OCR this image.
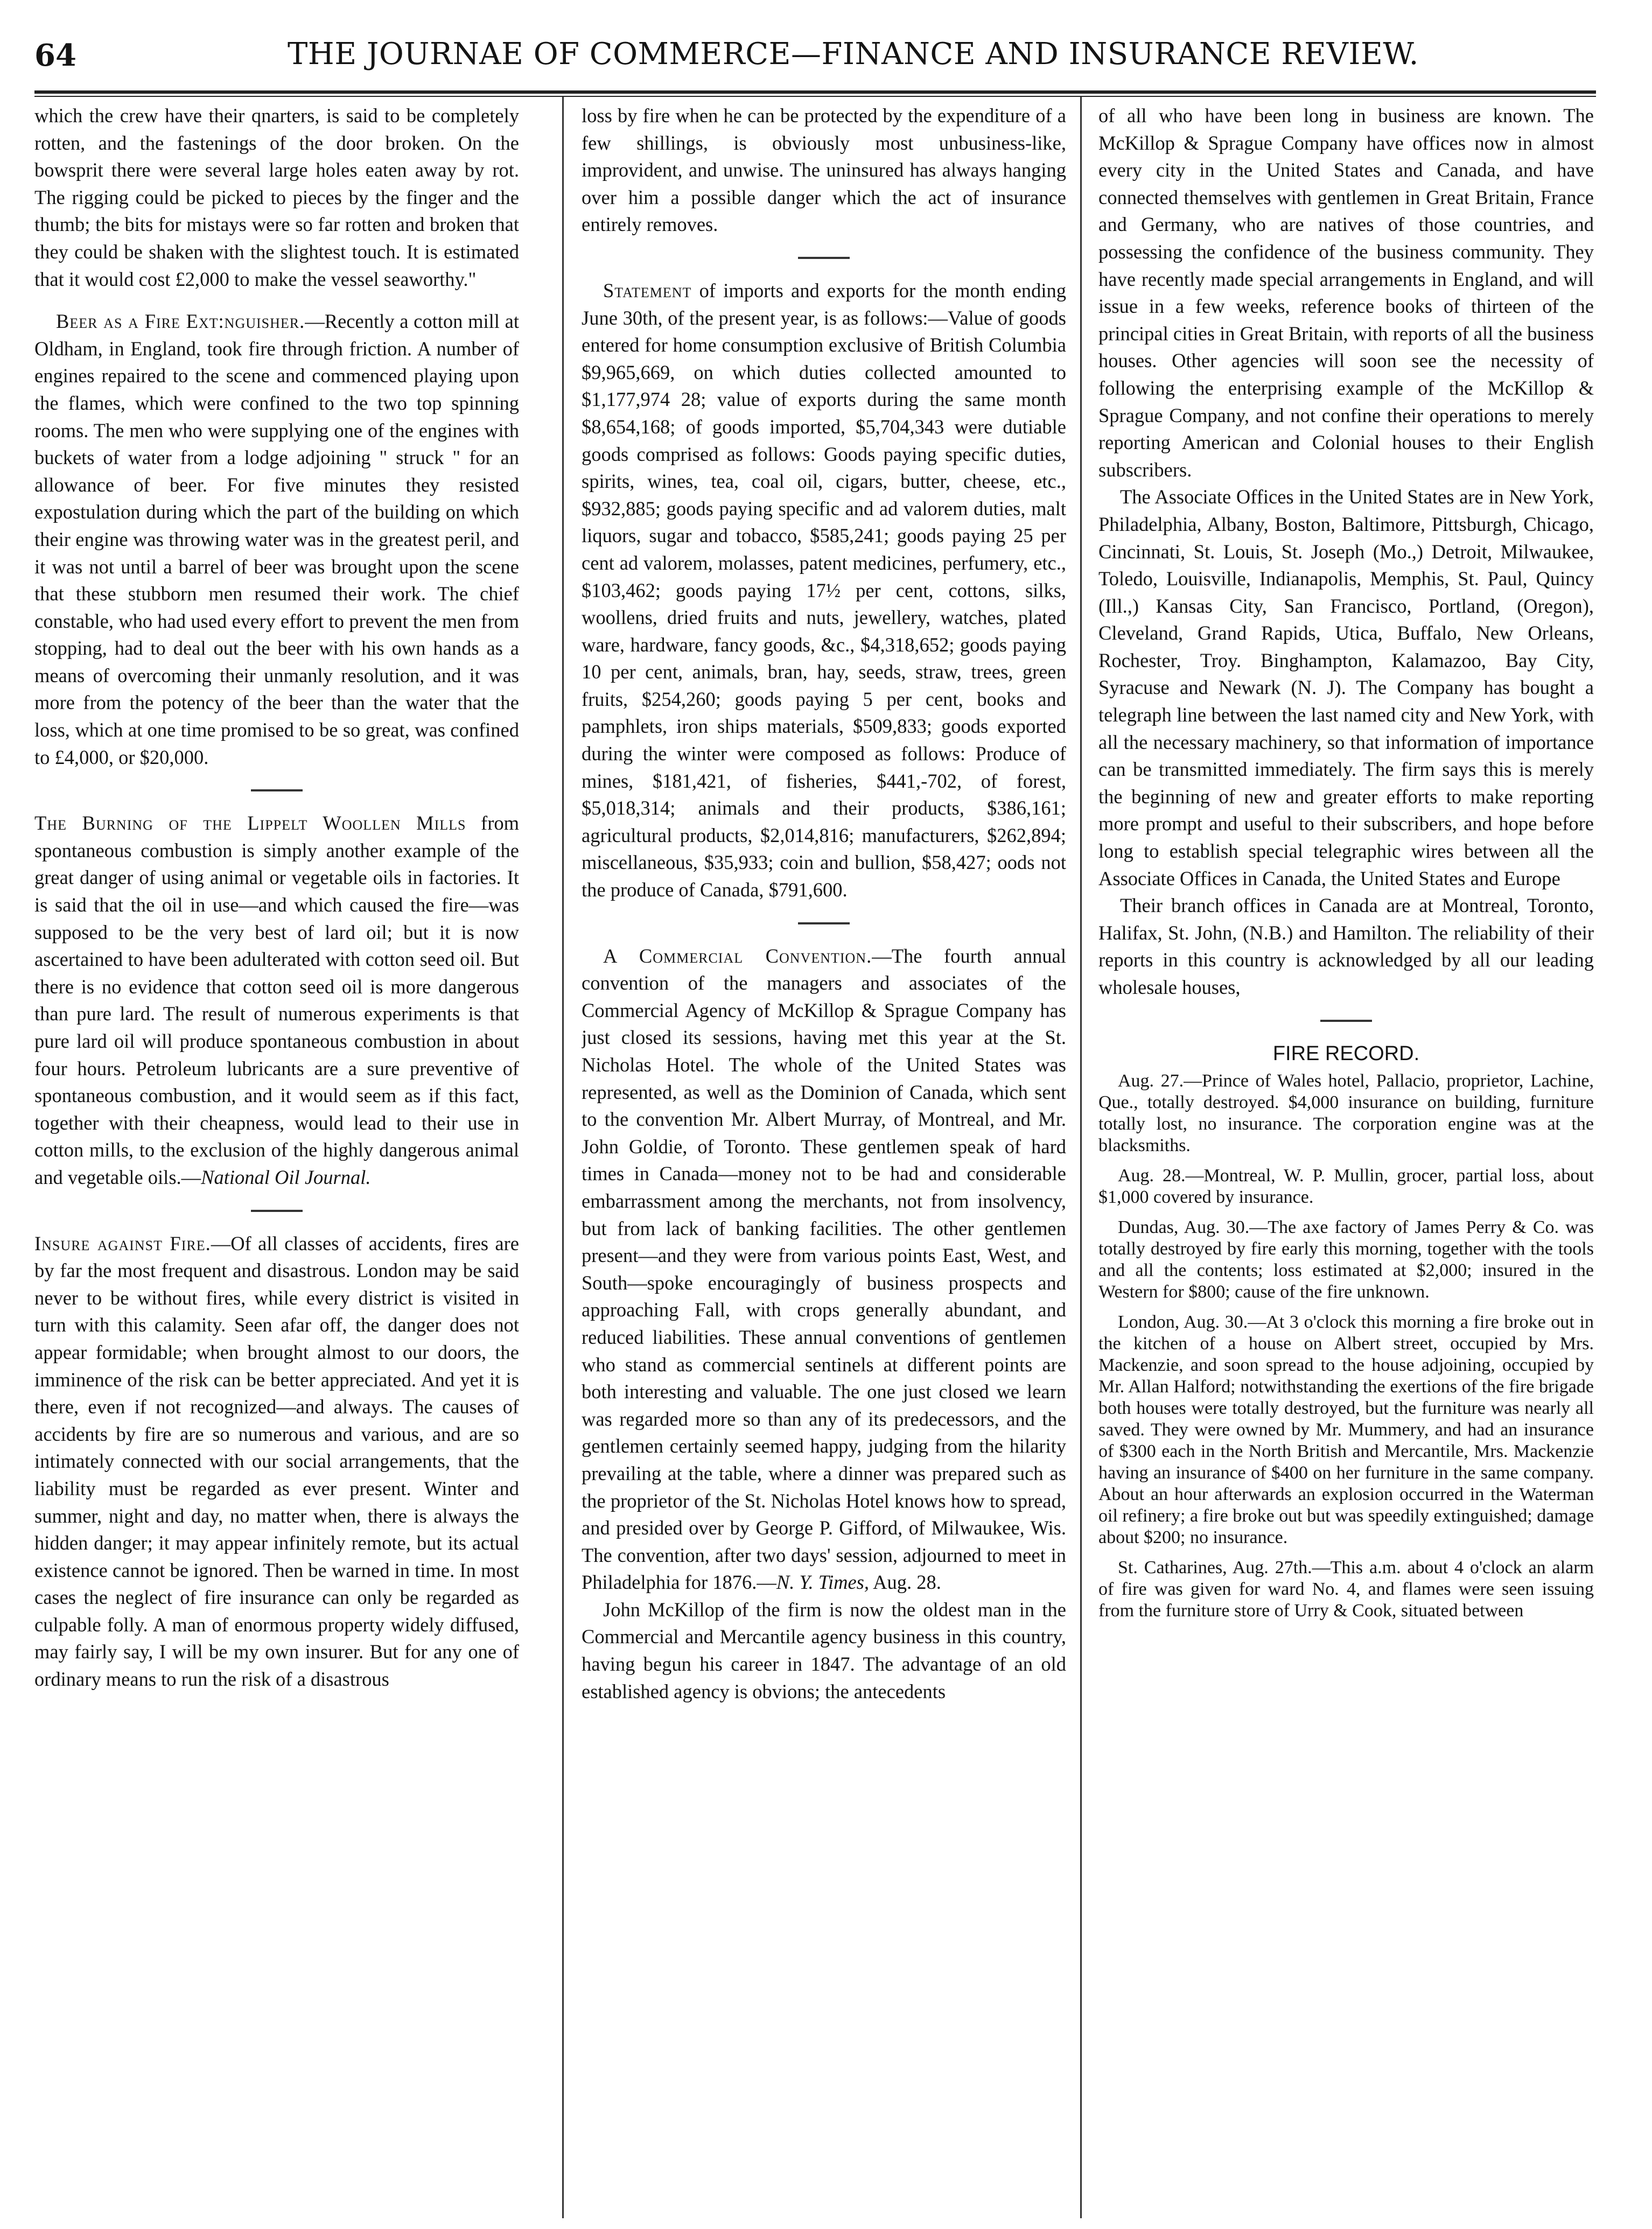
64	THE JOURNAE OF COMMERCE—FINANCE AND INSURANCE REVIEW.

which the crew have their qnarters, is said to be completely rotten, and the fastenings of the door broken. On the bowsprit there were several large holes eaten away by rot. The rigging could be picked to pieces by the finger and the thumb; the bits for mistays were so far rotten and broken that they could be shaken with the slightest touch. It is estimated that it would cost £2,000 to make the vessel seaworthy."

Beer as a Fire Ext:nguisher.—Recently a cotton mill at Oldham, in England, took fire through friction. A number of engines repaired to the scene and commenced playing upon the flames, which were confined to the two top spinning rooms. The men who were supplying one of the engines with buckets of water from a lodge adjoining " struck " for an allowance of beer. For five minutes they resisted expostulation during which the part of the building on which their engine was throwing water was in the greatest peril, and it was not until a barrel of beer was brought upon the scene that these stubborn men resumed their work. The chief constable, who had used every effort to prevent the men from stopping, had to deal out the beer with his own hands as a means of overcoming their unmanly resolution, and it was more from the potency of the beer than the water that the loss, which at one time promised to be so great, was confined to £4,000, or $20,000.

The Burning of the Lippelt Woollen Mills from spontaneous combustion is simply another example of the great danger of using animal or vegetable oils in factories. It is said that the oil in use—and which caused the fire—was supposed to be the very best of lard oil; but it is now ascertained to have been adulterated with cotton seed oil. But there is no evidence that cotton seed oil is more dangerous than pure lard. The result of numerous experiments is that pure lard oil will produce spontaneous combustion in about four hours. Petroleum lubricants are a sure preventive of spontaneous combustion, and it would seem as if this fact, together with their cheapness, would lead to their use in cotton mills, to the exclusion of the highly dangerous animal and vegetable oils.—National Oil Journal.

Insure against Fire.—Of all classes of accidents, fires are by far the most frequent and disastrous. London may be said never to be without fires, while every district is visited in turn with this calamity. Seen afar off, the danger does not appear formidable; when brought almost to our doors, the imminence of the risk can be better appreciated. And yet it is there, even if not recognized—and always. The causes of accidents by fire are so numerous and various, and are so intimately connected with our social arrangements, that the liability must be regarded as ever present. Winter and summer, night and day, no matter when, there is always the hidden danger; it may appear infinitely remote, but its actual existence cannot be ignored. Then be warned in time. In most cases the neglect of fire insurance can only be regarded as culpable folly. A man of enormous property widely diffused, may fairly say, I will be my own insurer. But for any one of ordinary means to run the risk of a disastrous

loss by fire when he can be protected by the expenditure of a few shillings, is obviously most unbusiness-like, improvident, and unwise. The uninsured has always hanging over him a possible danger which the act of insurance entirely removes.

Statement of imports and exports for the month ending June 30th, of the present year, is as follows:—Value of goods entered for home consumption exclusive of British Columbia $9,965,669, on which duties collected amounted to $1,177,974 28; value of exports during the same month $8,654,168; of goods imported, $5,704,343 were dutiable goods comprised as follows: Goods paying specific duties, spirits, wines, tea, coal oil, cigars, butter, cheese, etc., $932,885; goods paying specific and ad valorem duties, malt liquors, sugar and tobacco, $585,241; goods paying 25 per cent ad valorem, molasses, patent medicines, perfumery, etc., $103,462; goods paying 17½ per cent, cottons, silks, woollens, dried fruits and nuts, jewellery, watches, plated ware, hardware, fancy goods, &c., $4,318,652; goods paying 10 per cent, animals, bran, hay, seeds, straw, trees, green fruits, $254,260; goods paying 5 per cent, books and pamphlets, iron ships materials, $509,833; goods exported during the winter were composed as follows: Produce of mines, $181,421, of fisheries, $441,-702, of forest, $5,018,314; animals and their products, $386,161; agricultural products, $2,014,816; manufacturers, $262,894; miscellaneous, $35,933; coin and bullion, $58,427; oods not the produce of Canada, $791,600.

A Commercial Convention.—The fourth annual convention of the managers and associates of the Commercial Agency of McKillop & Sprague Company has just closed its sessions, having met this year at the St. Nicholas Hotel. The whole of the United States was represented, as well as the Dominion of Canada, which sent to the convention Mr. Albert Murray, of Montreal, and Mr. John Goldie, of Toronto. These gentlemen speak of hard times in Canada—money not to be had and considerable embarrassment among the merchants, not from insolvency, but from lack of banking facilities. The other gentlemen present—and they were from various points East, West, and South—spoke encouragingly of business prospects and approaching Fall, with crops generally abundant, and reduced liabilities. These annual conventions of gentlemen who stand as commercial sentinels at different points are both interesting and valuable. The one just closed we learn was regarded more so than any of its predecessors, and the gentlemen certainly seemed happy, judging from the hilarity prevailing at the table, where a dinner was prepared such as the proprietor of the St. Nicholas Hotel knows how to spread, and presided over by George P. Gifford, of Milwaukee, Wis. The convention, after two days' session, adjourned to meet in Philadelphia for 1876.—N. Y. Times, Aug. 28.

John McKillop of the firm is now the oldest man in the Commercial and Mercantile agency business in this country, having begun his career in 1847. The advantage of an old established agency is obvions; the antecedents

of all who have been long in business are known. The McKillop & Sprague Company have offices now in almost every city in the United States and Canada, and have connected themselves with gentlemen in Great Britain, France and Germany, who are natives of those countries, and possessing the confidence of the business community. They have recently made special arrangements in England, and will issue in a few weeks, reference books of thirteen of the principal cities in Great Britain, with reports of all the business houses. Other agencies will soon see the necessity of following the enterprising example of the McKillop & Sprague Company, and not confine their operations to merely reporting American and Colonial houses to their English subscribers.

The Associate Offices in the United States are in New York, Philadelphia, Albany, Boston, Baltimore, Pittsburgh, Chicago, Cincinnati, St. Louis, St. Joseph (Mo.,) Detroit, Milwaukee, Toledo, Louisville, Indianapolis, Memphis, St. Paul, Quincy (Ill.,) Kansas City, San Francisco, Portland, (Oregon), Cleveland, Grand Rapids, Utica, Buffalo, New Orleans, Rochester, Troy. Binghampton, Kalamazoo, Bay City, Syracuse and Newark (N. J). The Company has bought a telegraph line between the last named city and New York, with all the necessary machinery, so that information of importance can be transmitted immediately. The firm says this is merely the beginning of new and greater efforts to make reporting more prompt and useful to their subscribers, and hope before long to establish special telegraphic wires between all the Associate Offices in Canada, the United States and Europe

Their branch offices in Canada are at Montreal, Toronto, Halifax, St. John, (N.B.) and Hamilton. The reliability of their reports in this country is acknowledged by all our leading wholesale houses,

FIRE RECORD.

Aug. 27.—Prince of Wales hotel, Pallacio, proprietor, Lachine, Que., totally destroyed. $4,000 insurance on building, furniture totally lost, no insurance. The corporation engine was at the blacksmiths.

Aug. 28.—Montreal, W. P. Mullin, grocer, partial loss, about $1,000 covered by insurance.

Dundas, Aug. 30.—The axe factory of James Perry & Co. was totally destroyed by fire early this morning, together with the tools and all the contents; loss estimated at $2,000; insured in the Western for $800; cause of the fire unknown.

London, Aug. 30.—At 3 o'clock this morning a fire broke out in the kitchen of a house on Albert street, occupied by Mrs. Mackenzie, and soon spread to the house adjoining, occupied by Mr. Allan Halford; notwithstanding the exertions of the fire brigade both houses were totally destroyed, but the furniture was nearly all saved. They were owned by Mr. Mummery, and had an insurance of $300 each in the North British and Mercantile, Mrs. Mackenzie having an insurance of $400 on her furniture in the same company. About an hour afterwards an explosion occurred in the Waterman oil refinery; a fire broke out but was speedily extinguished; damage about $200; no insurance.

St. Catharines, Aug. 27th.—This a.m. about 4 o'clock an alarm of fire was given for ward No. 4, and flames were seen issuing from the furniture store of Urry & Cook, situated between
